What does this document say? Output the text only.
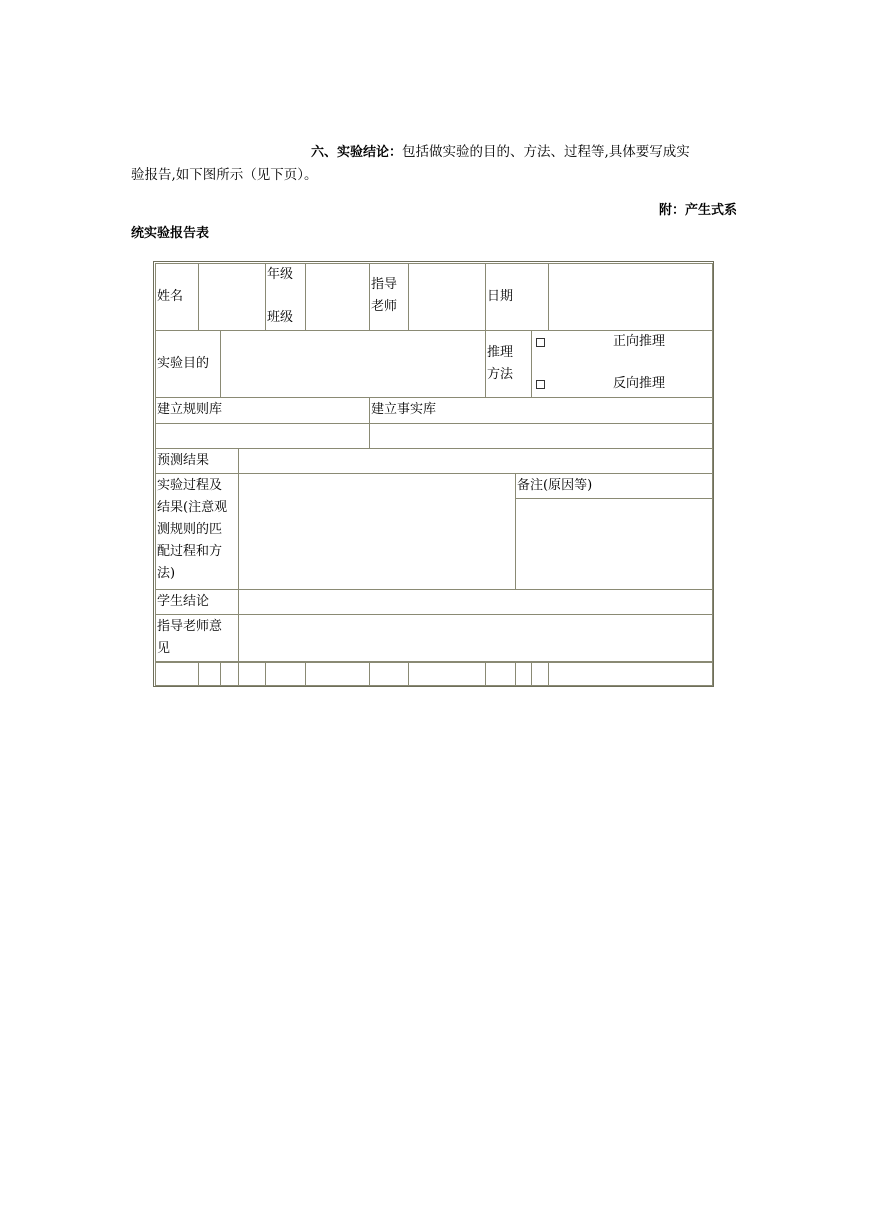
六、实验结论：包括做实验的目的、方法、过程等,具体要写成实
验报告,如下图所示（见下页）。
附：产生式系
统实验报告表
姓名
年级
班级
指导
老师
日期
实验目的
推理
方法
正向推理
反向推理
建立规则库	建立事实库
预测结果
实验过程及
结果(注意观
测规则的匹
配过程和方
法)
备注(原因等)
学生结论
指导老师意
见
